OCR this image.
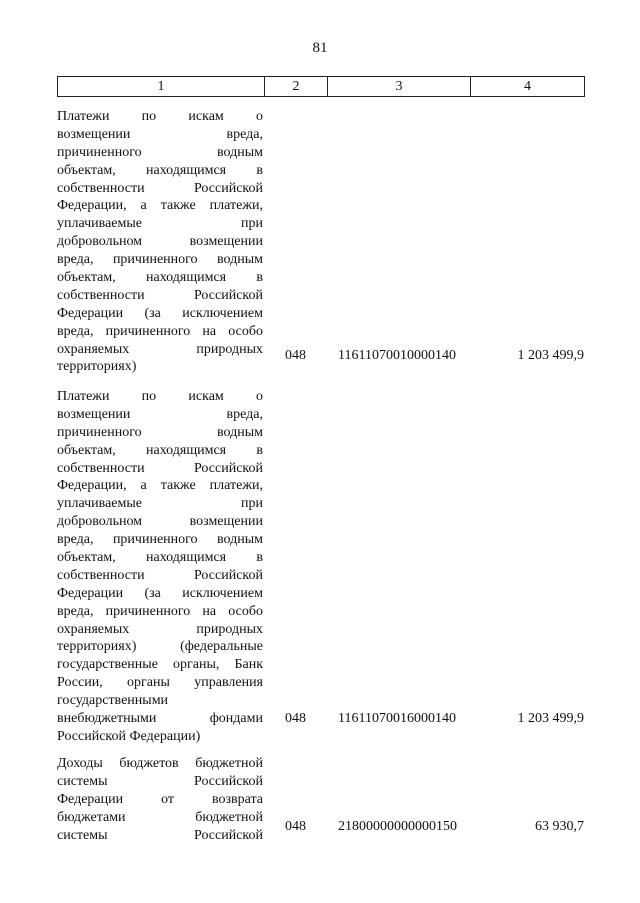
81
1	2	3	4
Платежи по искам о
возмещении вреда,
причиненного водным
объектам, находящимся в
собственности Российской
Федерации, а также платежи,
уплачиваемые при
добровольном возмещении
вреда, причиненного водным
объектам, находящимся в
собственности Российской
Федерации (за исключением
вреда, причиненного на особо
охраняемых природных
территориях)
048	11611070010000140	1 203 499,9
Платежи по искам о
возмещении вреда,
причиненного водным
объектам, находящимся в
собственности Российской
Федерации, а также платежи,
уплачиваемые при
добровольном возмещении
вреда, причиненного водным
объектам, находящимся в
собственности Российской
Федерации (за исключением
вреда, причиненного на особо
охраняемых природных
территориях) (федеральные
государственные органы, Банк
России, органы управления
государственными
внебюджетными фондами
Российской Федерации)
048	11611070016000140	1 203 499,9
Доходы бюджетов бюджетной
системы Российской
Федерации от возврата
бюджетами бюджетной
системы Российской
048	21800000000000150	63 930,7
